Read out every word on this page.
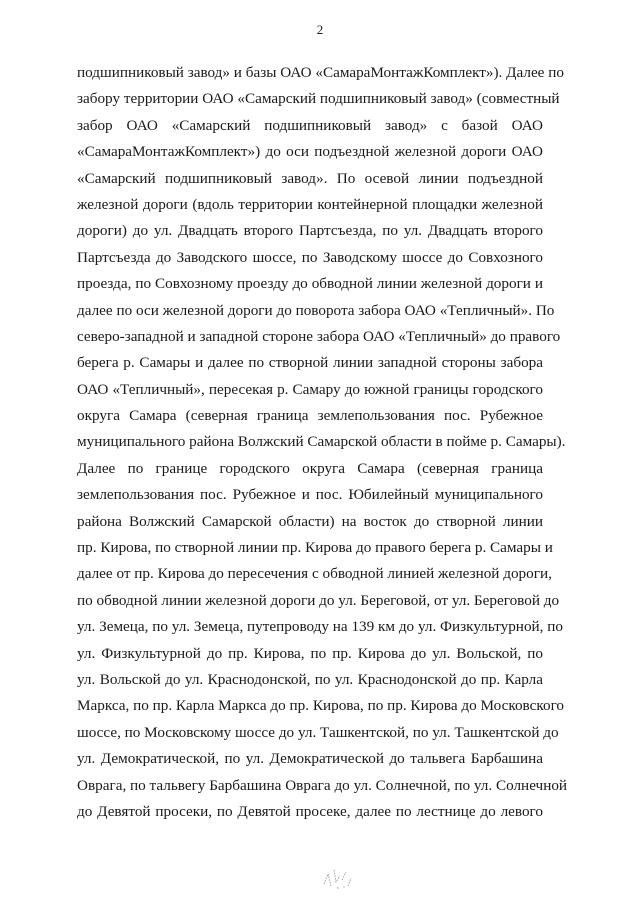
2
подшипниковый завод» и базы ОАО «СамараМонтажКомплект»). Далее по
забору территории ОАО «Самарский подшипниковый завод» (совместный
забор ОАО «Самарский подшипниковый завод» с базой ОАО
«СамараМонтажКомплект») до оси подъездной железной дороги ОАО
«Самарский подшипниковый завод». По осевой линии подъездной
железной дороги (вдоль территории контейнерной площадки железной
дороги) до ул. Двадцать второго Партсъезда, по ул. Двадцать второго
Партсъезда до Заводского шоссе, по Заводскому шоссе до Совхозного
проезда, по Совхозному проезду до обводной линии железной дороги и
далее по оси железной дороги до поворота забора ОАО «Тепличный». По
северо-западной и западной стороне забора ОАО «Тепличный» до правого
берега р. Самары и далее по створной линии западной стороны забора
ОАО «Тепличный», пересекая р. Самару до южной границы городского
округа Самара (северная граница землепользования пос. Рубежное
муниципального района Волжский Самарской области в пойме р. Самары).
Далее по границе городского округа Самара (северная граница
землепользования пос. Рубежное и пос. Юбилейный муниципального
района Волжский Самарской области) на восток до створной линии
пр. Кирова, по створной линии пр. Кирова до правого берега р. Самары и
далее от пр. Кирова до пересечения с обводной линией железной дороги,
по обводной линии железной дороги до ул. Береговой, от ул. Береговой до
ул. Земеца, по ул. Земеца, путепроводу на 139 км до ул. Физкультурной, по
ул. Физкультурной до пр. Кирова, по пр. Кирова до ул. Вольской, по
ул. Вольской до ул. Краснодонской, по ул. Краснодонской до пр. Карла
Маркса, по пр. Карла Маркса до пр. Кирова, по пр. Кирова до Московского
шоссе, по Московскому шоссе до ул. Ташкентской, по ул. Ташкентской до
ул. Демократической, по ул. Демократической до тальвега Барбашина
Оврага, по тальвегу Барбашина Оврага до ул. Солнечной, по ул. Солнечной
до Девятой просеки, по Девятой просеке, далее по лестнице до левого
